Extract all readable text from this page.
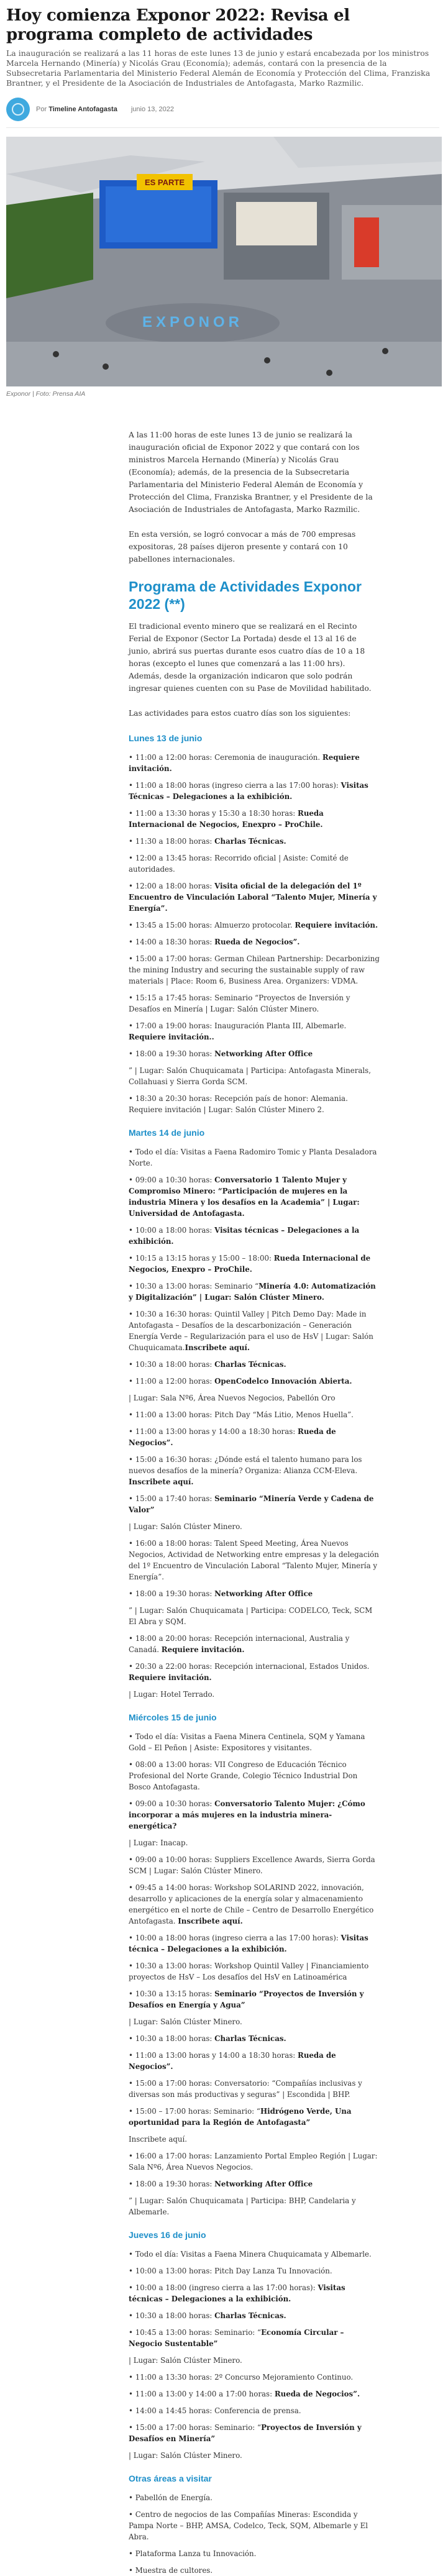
Hoy comienza Exponor 2022: Revisa el programa completo de actividades

La inauguración se realizará a las 11 horas de este lunes 13 de junio y estará encabezada por los ministros Marcela Hernando (Minería) y Nicolás Grau (Economía); además, contará con la presencia de la Subsecretaria Parlamentaria del Ministerio Federal Alemán de Economía y Protección del Clima, Franziska Brantner, y el Presidente de la Asociación de Industriales de Antofagasta, Marko Razmilic.

Por Timeline Antofagasta junio 13, 2022
ES PARTE
EXPONOR
Exponor | Foto: Prensa AIA

A las 11:00 horas de este lunes 13 de junio se realizará la inauguración oficial de Exponor 2022 y que contará con los ministros Marcela Hernando (Minería) y Nicolás Grau (Economía); además, de la presencia de la Subsecretaria Parlamentaria del Ministerio Federal Alemán de Economía y Protección del Clima, Franziska Brantner, y el Presidente de la Asociación de Industriales de Antofagasta, Marko Razmilic.

En esta versión, se logró convocar a más de 700 empresas expositoras, 28 países dijeron presente y contará con 10 pabellones internacionales.

Programa de Actividades Exponor 2022 (**)

El tradicional evento minero que se realizará en el Recinto Ferial de Exponor (Sector La Portada) desde el 13 al 16 de junio, abrirá sus puertas durante esos cuatro días de 10 a 18 horas (excepto el lunes que comenzará a las 11:00 hrs). Además, desde la organización indicaron que solo podrán ingresar quienes cuenten con su Pase de Movilidad habilitado.

Las actividades para estos cuatro días son los siguientes:

Lunes 13 de junio
• 11:00 a 12:00 horas: Ceremonia de inauguración. Requiere invitación.
• 11:00 a 18:00 horas (ingreso cierra a las 17:00 horas): Visitas Técnicas – Delegaciones a la exhibición.
• 11:00 a 13:30 horas y 15:30 a 18:30 horas: Rueda Internacional de Negocios, Enexpro – ProChile.
• 11:30 a 18:00 horas: Charlas Técnicas.
• 12:00 a 13:45 horas: Recorrido oficial | Asiste: Comité de autoridades.
• 12:00 a 18:00 horas: Visita oficial de la delegación del 1º Encuentro de Vinculación Laboral “Talento Mujer, Minería y Energía”.
• 13:45 a 15:00 horas: Almuerzo protocolar. Requiere invitación.
• 14:00 a 18:30 horas: Rueda de Negocios”.
• 15:00 a 17:00 horas: German Chilean Partnership: Decarbonizing the mining Industry and securing the sustainable supply of raw materials | Place: Room 6, Business Area. Organizers: VDMA.
• 15:15 a 17:45 horas: Seminario “Proyectos de Inversión y Desafíos en Minería | Lugar: Salón Clúster Minero.
• 17:00 a 19:00 horas: Inauguración Planta III, Albemarle. Requiere invitación..
• 18:00 a 19:30 horas: Networking After Office
” | Lugar: Salón Chuquicamata | Participa: Antofagasta Minerals, Collahuasi y Sierra Gorda SCM.
• 18:30 a 20:30 horas: Recepción país de honor: Alemania. Requiere invitación | Lugar: Salón Clúster Minero 2.
Martes 14 de junio
• Todo el día: Visitas a Faena Radomiro Tomic y Planta Desaladora Norte.
• 09:00 a 10:30 horas: Conversatorio 1 Talento Mujer y Compromiso Minero: “Participación de mujeres en la industria Minera y los desafíos en la Academia” | Lugar: Universidad de Antofagasta.
• 10:00 a 18:00 horas: Visitas técnicas – Delegaciones a la exhibición.
• 10:15 a 13:15 horas y 15:00 – 18:00: Rueda Internacional de Negocios, Enexpro – ProChile.
• 10:30 a 13:00 horas: Seminario “Minería 4.0: Automatización y Digitalización” | Lugar: Salón Clúster Minero.
• 10:30 a 16:30 horas: Quintil Valley | Pitch Demo Day: Made in Antofagasta – Desafíos de la descarbonización – Generación Energía Verde – Regularización para el uso de HsV | Lugar: Salón Chuquicamata.Inscribete aquí.
• 10:30 a 18:00 horas: Charlas Técnicas.
• 11:00 a 12:00 horas: OpenCodelco Innovación Abierta.
| Lugar: Sala Nº6, Área Nuevos Negocios, Pabellón Oro
• 11:00 a 13:00 horas: Pitch Day “Más Litio, Menos Huella”.
• 11:00 a 13:00 horas y 14:00 a 18:30 horas: Rueda de Negocios”.
• 15:00 a 16:30 horas: ¿Dónde está el talento humano para los nuevos desafíos de la minería? Organiza: Alianza CCM-Eleva. Inscribete aquí.
• 15:00 a 17:40 horas: Seminario “Minería Verde y Cadena de Valor”
| Lugar: Salón Clúster Minero.
• 16:00 a 18:00 horas: Talent Speed Meeting, Área Nuevos Negocios, Actividad de Networking entre empresas y la delegación del 1º Encuentro de Vinculación Laboral “Talento Mujer, Minería y Energía”.
• 18:00 a 19:30 horas: Networking After Office
” | Lugar: Salón Chuquicamata | Participa: CODELCO, Teck, SCM El Abra y SQM.
• 18:00 a 20:00 horas: Recepción internacional, Australia y Canadá. Requiere invitación.
• 20:30 a 22:00 horas: Recepción internacional, Estados Unidos. Requiere invitación.
| Lugar: Hotel Terrado.
Miércoles 15 de junio
• Todo el día: Visitas a Faena Minera Centinela, SQM y Yamana Gold – El Peñon | Asiste: Expositores y visitantes.
• 08:00 a 13:00 horas: VII Congreso de Educación Técnico Profesional del Norte Grande, Colegio Técnico Industrial Don Bosco Antofagasta.
• 09:00 a 10:30 horas: Conversatorio Talento Mujer: ¿Cómo incorporar a más mujeres en la industria minera-energética?
| Lugar: Inacap.
• 09:00 a 10:00 horas: Suppliers Excellence Awards, Sierra Gorda SCM | Lugar: Salón Clúster Minero.
• 09:45 a 14:00 horas: Workshop SOLARIND 2022, innovación, desarrollo y aplicaciones de la energía solar y almacenamiento energético en el norte de Chile – Centro de Desarrollo Energético Antofagasta. Inscribete aquí.
• 10:00 a 18:00 horas (ingreso cierra a las 17:00 horas): Visitas técnica – Delegaciones a la exhibición.
• 10:30 a 13:00 horas: Workshop Quintil Valley | Financiamiento proyectos de HsV – Los desafíos del HsV en Latinoamérica
• 10:30 a 13:15 horas: Seminario “Proyectos de Inversión y Desafíos en Energía y Agua”
| Lugar: Salón Clúster Minero.
• 10:30 a 18:00 horas: Charlas Técnicas.
• 11:00 a 13:00 horas y 14:00 a 18:30 horas: Rueda de Negocios”.
• 15:00 a 17:00 horas: Conversatorio: “Compañías inclusivas y diversas son más productivas y seguras” | Escondida | BHP.
• 15:00 – 17:00 horas: Seminario: “Hidrógeno Verde, Una oportunidad para la Región de Antofagasta”
Inscribete aquí.
• 16:00 a 17:00 horas: Lanzamiento Portal Empleo Región | Lugar: Sala Nº6, Área Nuevos Negocios.
• 18:00 a 19:30 horas: Networking After Office
” | Lugar: Salón Chuquicamata | Participa: BHP, Candelaria y Albemarle.
Jueves 16 de junio
• Todo el día: Visitas a Faena Minera Chuquicamata y Albemarle.
• 10:00 a 13:00 horas: Pitch Day Lanza Tu Innovación.
• 10:00 a 18:00 (ingreso cierra a las 17:00 horas): Visitas técnicas – Delegaciones a la exhibición.
• 10:30 a 18:00 horas: Charlas Técnicas.
• 10:45 a 13:00 horas: Seminario: “Economía Circular – Negocio Sustentable”
| Lugar: Salón Clúster Minero.
• 11:00 a 13:30 horas: 2º Concurso Mejoramiento Continuo.
• 11:00 a 13:00 y 14:00 a 17:00 horas: Rueda de Negocios”.
• 14:00 a 14:45 horas: Conferencia de prensa.
• 15:00 a 17:00 horas: Seminario: “Proyectos de Inversión y Desafíos en Minería”
| Lugar: Salón Clúster Minero.
Otras áreas a visitar
• Pabellón de Energía.
• Centro de negocios de las Compañías Mineras: Escondida y Pampa Norte – BHP, AMSA, Codelco, Teck, SQM, Albemarle y El Abra.
• Plataforma Lanza tu Innovación.
• Muestra de cultores.
